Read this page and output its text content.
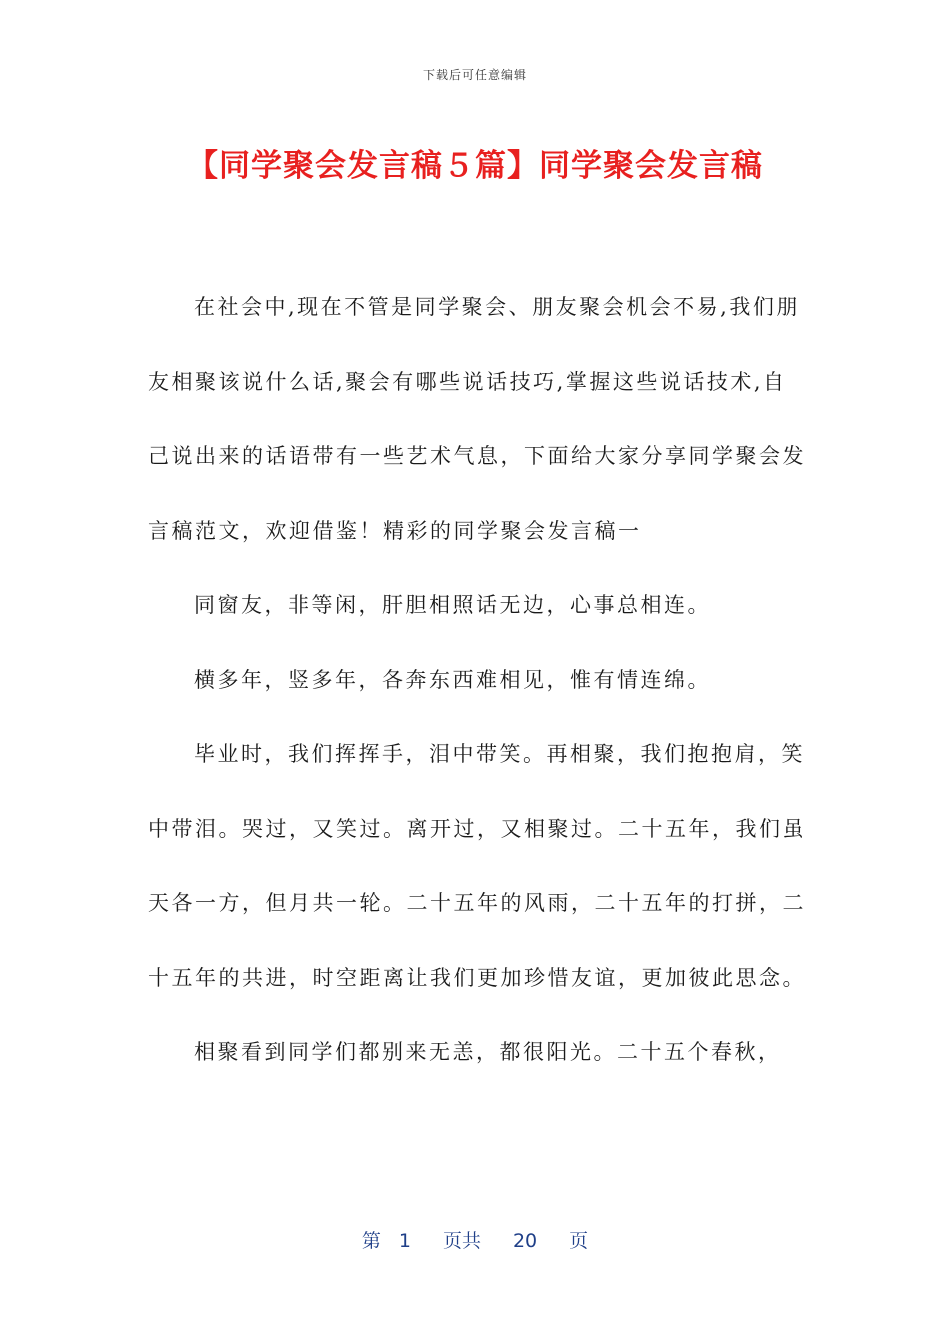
下载后可任意编辑
【同学聚会发言稿５篇】同学聚会发言稿

在社会中,现在不管是同学聚会、朋友聚会机会不易,我们朋友相聚该说什么话,聚会有哪些说话技巧,掌握这些说话技术,自己说出来的话语带有一些艺术气息，下面给大家分享同学聚会发言稿范文，欢迎借鉴！精彩的同学聚会发言稿一

同窗友，非等闲，肝胆相照话无边，心事总相连。

横多年，竖多年，各奔东西难相见，惟有情连绵。

毕业时，我们挥挥手，泪中带笑。再相聚，我们抱抱肩，笑中带泪。哭过，又笑过。离开过，又相聚过。二十五年，我们虽天各一方，但月共一轮。二十五年的风雨，二十五年的打拼，二十五年的共进，时空距离让我们更加珍惜友谊，更加彼此思念。

相聚看到同学们都别来无恙，都很阳光。二十五个春秋，

第 1 页共 20 页
